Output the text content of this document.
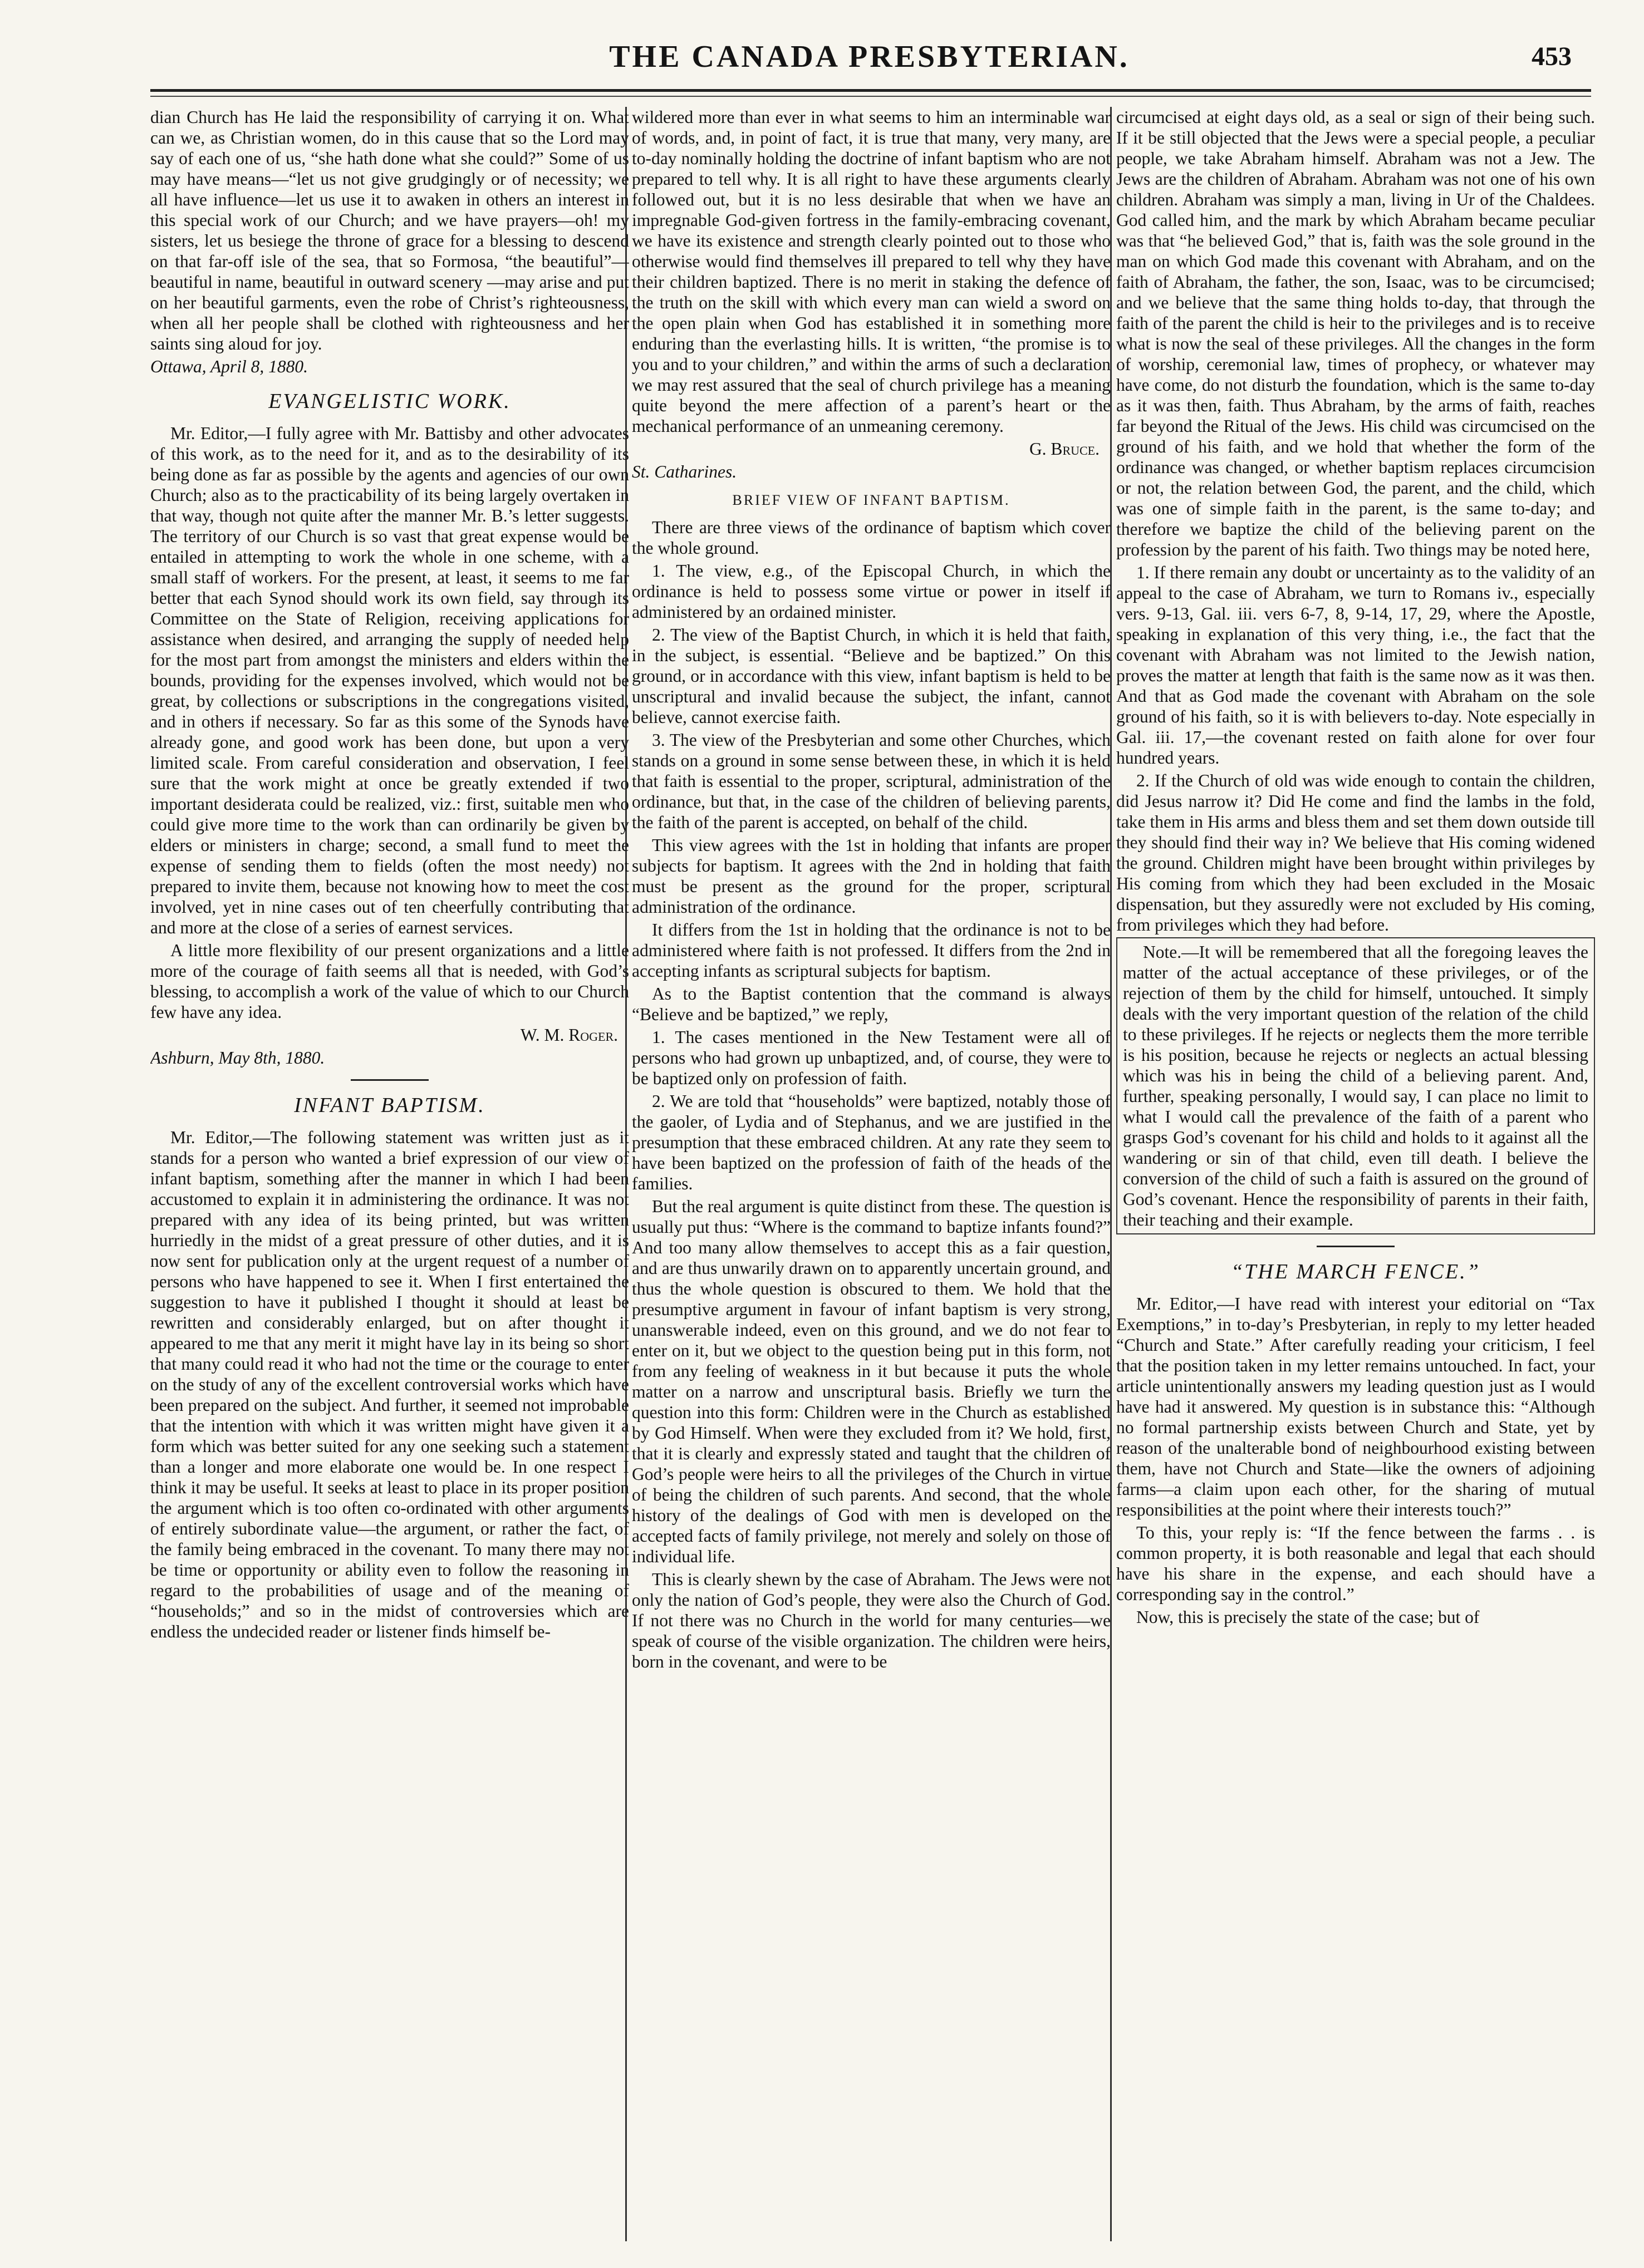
THE CANADA PRESBYTERIAN.	453

dian Church has He laid the responsibility of carrying it on. What can we, as Christian women, do in this cause that so the Lord may say of each one of us, “she hath done what she could?” Some of us may have means—“let us not give grudgingly or of necessity; we all have influence—let us use it to awaken in others an interest in this special work of our Church; and we have prayers—oh! my sisters, let us besiege the throne of grace for a blessing to descend on that far-off isle of the sea, that so Formosa, “the beautiful”—beautiful in name, beautiful in outward scenery —may arise and put on her beautiful garments, even the robe of Christ’s righteousness, when all her people shall be clothed with righteousness and her saints sing aloud for joy.

Ottawa, April 8, 1880.

EVANGELISTIC WORK.

Mr. Editor,—I fully agree with Mr. Battisby and other advocates of this work, as to the need for it, and as to the desirability of its being done as far as possible by the agents and agencies of our own Church; also as to the practicability of its being largely overtaken in that way, though not quite after the manner Mr. B.’s letter suggests. The territory of our Church is so vast that great expense would be entailed in attempting to work the whole in one scheme, with a small staff of workers. For the present, at least, it seems to me far better that each Synod should work its own field, say through its Committee on the State of Religion, receiving applications for assistance when desired, and arranging the supply of needed help for the most part from amongst the ministers and elders within the bounds, providing for the expenses involved, which would not be great, by collections or subscriptions in the congregations visited, and in others if necessary. So far as this some of the Synods have already gone, and good work has been done, but upon a very limited scale. From careful consideration and observation, I feel sure that the work might at once be greatly extended if two important desiderata could be realized, viz.: first, suitable men who could give more time to the work than can ordinarily be given by elders or ministers in charge; second, a small fund to meet the expense of sending them to fields (often the most needy) not prepared to invite them, because not knowing how to meet the cost involved, yet in nine cases out of ten cheerfully contributing that and more at the close of a series of earnest services.

A little more flexibility of our present organizations and a little more of the courage of faith seems all that is needed, with God’s blessing, to accomplish a work of the value of which to our Church few have any idea.

W. M. Roger.

Ashburn, May 8th, 1880.

INFANT BAPTISM.

Mr. Editor,—The following statement was written just as it stands for a person who wanted a brief expression of our view of infant baptism, something after the manner in which I had been accustomed to explain it in administering the ordinance. It was not prepared with any idea of its being printed, but was written hurriedly in the midst of a great pressure of other duties, and it is now sent for publication only at the urgent request of a number of persons who have happened to see it. When I first entertained the suggestion to have it published I thought it should at least be rewritten and considerably enlarged, but on after thought it appeared to me that any merit it might have lay in its being so short that many could read it who had not the time or the courage to enter on the study of any of the excellent controversial works which have been prepared on the subject. And further, it seemed not improbable that the intention with which it was written might have given it a form which was better suited for any one seeking such a statement than a longer and more elaborate one would be. In one respect I think it may be useful. It seeks at least to place in its proper position the argument which is too often co-ordinated with other arguments of entirely subordinate value—the argument, or rather the fact, of the family being embraced in the covenant. To many there may not be time or opportunity or ability even to follow the reasoning in regard to the probabilities of usage and of the meaning of “households;” and so in the midst of controversies which are endless the undecided reader or listener finds himself be-

wildered more than ever in what seems to him an interminable war of words, and, in point of fact, it is true that many, very many, are to-day nominally holding the doctrine of infant baptism who are not prepared to tell why. It is all right to have these arguments clearly followed out, but it is no less desirable that when we have an impregnable God-given fortress in the family-embracing covenant, we have its existence and strength clearly pointed out to those who otherwise would find themselves ill prepared to tell why they have their children baptized. There is no merit in staking the defence of the truth on the skill with which every man can wield a sword on the open plain when God has established it in something more enduring than the everlasting hills. It is written, “the promise is to you and to your children,” and within the arms of such a declaration we may rest assured that the seal of church privilege has a meaning quite beyond the mere affection of a parent’s heart or the mechanical performance of an unmeaning ceremony.

G. Bruce.

St. Catharines.

BRIEF VIEW OF INFANT BAPTISM.

There are three views of the ordinance of baptism which cover the whole ground.

1. The view, e.g., of the Episcopal Church, in which the ordinance is held to possess some virtue or power in itself if administered by an ordained minister.

2. The view of the Baptist Church, in which it is held that faith, in the subject, is essential. “Believe and be baptized.” On this ground, or in accordance with this view, infant baptism is held to be unscriptural and invalid because the subject, the infant, cannot believe, cannot exercise faith.

3. The view of the Presbyterian and some other Churches, which stands on a ground in some sense between these, in which it is held that faith is essential to the proper, scriptural, administration of the ordinance, but that, in the case of the children of believing parents, the faith of the parent is accepted, on behalf of the child.

This view agrees with the 1st in holding that infants are proper subjects for baptism. It agrees with the 2nd in holding that faith must be present as the ground for the proper, scriptural administration of the ordinance.

It differs from the 1st in holding that the ordinance is not to be administered where faith is not professed. It differs from the 2nd in accepting infants as scriptural subjects for baptism.

As to the Baptist contention that the command is always “Believe and be baptized,” we reply,

1. The cases mentioned in the New Testament were all of persons who had grown up unbaptized, and, of course, they were to be baptized only on profession of faith.

2. We are told that “households” were baptized, notably those of the gaoler, of Lydia and of Stephanus, and we are justified in the presumption that these embraced children. At any rate they seem to have been baptized on the profession of faith of the heads of the families.

But the real argument is quite distinct from these. The question is usually put thus: “Where is the command to baptize infants found?” And too many allow themselves to accept this as a fair question, and are thus unwarily drawn on to apparently uncertain ground, and thus the whole question is obscured to them. We hold that the presumptive argument in favour of infant baptism is very strong, unanswerable indeed, even on this ground, and we do not fear to enter on it, but we object to the question being put in this form, not from any feeling of weakness in it but because it puts the whole matter on a narrow and unscriptural basis. Briefly we turn the question into this form: Children were in the Church as established by God Himself. When were they excluded from it? We hold, first, that it is clearly and expressly stated and taught that the children of God’s people were heirs to all the privileges of the Church in virtue of being the children of such parents. And second, that the whole history of the dealings of God with men is developed on the accepted facts of family privilege, not merely and solely on those of individual life.

This is clearly shewn by the case of Abraham. The Jews were not only the nation of God’s people, they were also the Church of God. If not there was no Church in the world for many centuries—we speak of course of the visible organization. The children were heirs, born in the covenant, and were to be

circumcised at eight days old, as a seal or sign of their being such. If it be still objected that the Jews were a special people, a peculiar people, we take Abraham himself. Abraham was not a Jew. The Jews are the children of Abraham. Abraham was not one of his own children. Abraham was simply a man, living in Ur of the Chaldees. God called him, and the mark by which Abraham became peculiar was that “he believed God,” that is, faith was the sole ground in the man on which God made this covenant with Abraham, and on the faith of Abraham, the father, the son, Isaac, was to be circumcised; and we believe that the same thing holds to-day, that through the faith of the parent the child is heir to the privileges and is to receive what is now the seal of these privileges. All the changes in the form of worship, ceremonial law, times of prophecy, or whatever may have come, do not disturb the foundation, which is the same to-day as it was then, faith. Thus Abraham, by the arms of faith, reaches far beyond the Ritual of the Jews. His child was circumcised on the ground of his faith, and we hold that whether the form of the ordinance was changed, or whether baptism replaces circumcision or not, the relation between God, the parent, and the child, which was one of simple faith in the parent, is the same to-day; and therefore we baptize the child of the believing parent on the profession by the parent of his faith. Two things may be noted here,

1. If there remain any doubt or uncertainty as to the validity of an appeal to the case of Abraham, we turn to Romans iv., especially vers. 9-13, Gal. iii. vers 6-7, 8, 9-14, 17, 29, where the Apostle, speaking in explanation of this very thing, i.e., the fact that the covenant with Abraham was not limited to the Jewish nation, proves the matter at length that faith is the same now as it was then. And that as God made the covenant with Abraham on the sole ground of his faith, so it is with believers to-day. Note especially in Gal. iii. 17,—the covenant rested on faith alone for over four hundred years.

2. If the Church of old was wide enough to contain the children, did Jesus narrow it? Did He come and find the lambs in the fold, take them in His arms and bless them and set them down outside till they should find their way in? We believe that His coming widened the ground. Children might have been brought within privileges by His coming from which they had been excluded in the Mosaic dispensation, but they assuredly were not excluded by His coming, from privileges which they had before.

Note.—It will be remembered that all the foregoing leaves the matter of the actual acceptance of these privileges, or of the rejection of them by the child for himself, untouched. It simply deals with the very important question of the relation of the child to these privileges. If he rejects or neglects them the more terrible is his position, because he rejects or neglects an actual blessing which was his in being the child of a believing parent. And, further, speaking personally, I would say, I can place no limit to what I would call the prevalence of the faith of a parent who grasps God’s covenant for his child and holds to it against all the wandering or sin of that child, even till death. I believe the conversion of the child of such a faith is assured on the ground of God’s covenant. Hence the responsibility of parents in their faith, their teaching and their example.

“THE MARCH FENCE.”

Mr. Editor,—I have read with interest your editorial on “Tax Exemptions,” in to-day’s Presbyterian, in reply to my letter headed “Church and State.” After carefully reading your criticism, I feel that the position taken in my letter remains untouched. In fact, your article unintentionally answers my leading question just as I would have had it answered. My question is in substance this: “Although no formal partnership exists between Church and State, yet by reason of the unalterable bond of neighbourhood existing between them, have not Church and State—like the owners of adjoining farms—a claim upon each other, for the sharing of mutual responsibilities at the point where their interests touch?”

To this, your reply is: “If the fence between the farms . . is common property, it is both reasonable and legal that each should have his share in the expense, and each should have a corresponding say in the control.”

Now, this is precisely the state of the case; but of
